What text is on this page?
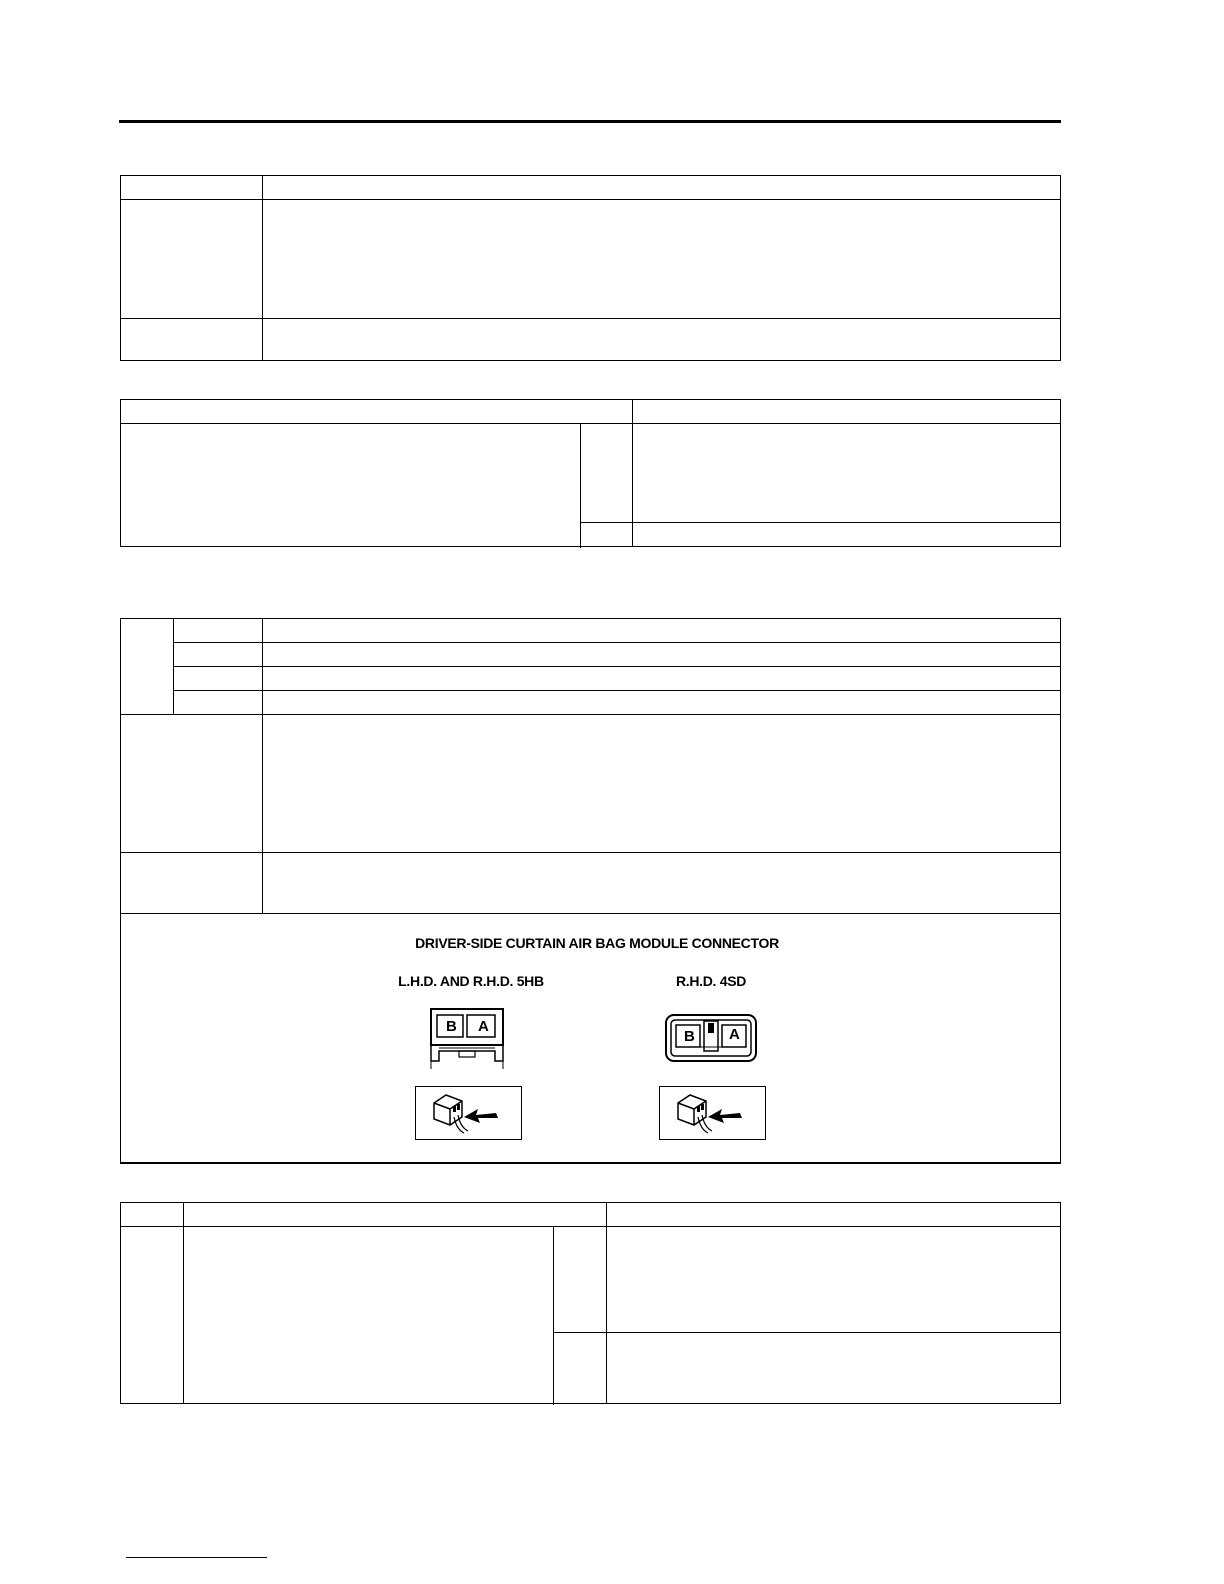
DRIVER-SIDE CURTAIN AIR BAG MODULE CONNECTOR
L.H.D. AND R.H.D. 5HB	R.H.D. 4SD
B A
B A
